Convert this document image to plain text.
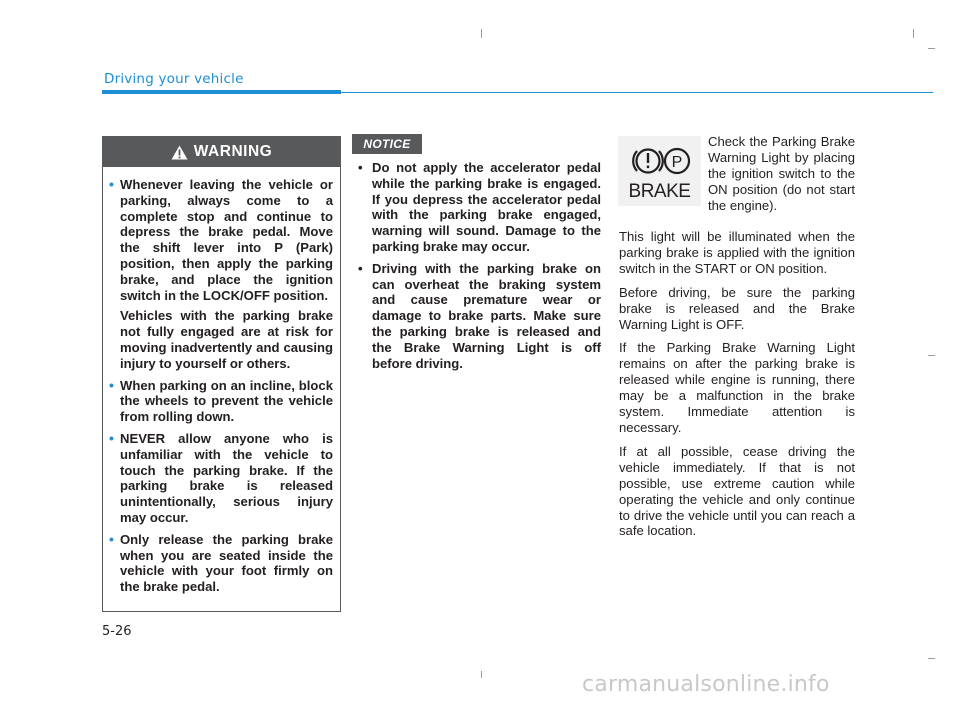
Driving your vehicle
WARNING
• Whenever leaving the vehicle or parking, always come to a complete stop and continue to depress the brake pedal. Move the shift lever into P (Park) position, then apply the parking brake, and place the ignition switch in the LOCK/OFF position.

Vehicles with the parking brake not fully engaged are at risk for moving inadvertently and causing injury to yourself or others.

• When parking on an incline, block the wheels to prevent the vehicle from rolling down.

• NEVER allow anyone who is unfamiliar with the vehicle to touch the parking brake. If the parking brake is released unintentionally, serious injury may occur.

• Only release the parking brake when you are seated inside the vehicle with your foot firmly on the brake pedal.

NOTICE
• Do not apply the accelerator pedal while the parking brake is engaged. If you depress the accelerator pedal with the parking brake engaged, warning will sound. Damage to the parking brake may occur.
• Driving with the parking brake on can overheat the braking system and cause premature wear or damage to brake parts. Make sure the parking brake is released and the Brake Warning Light is off before driving.
P
BRAKE
Check the Parking Brake Warning Light by placing the ignition switch to the ON position (do not start the engine).

This light will be illuminated when the parking brake is applied with the ignition switch in the START or ON position.

Before driving, be sure the parking brake is released and the Brake Warning Light is OFF.

If the Parking Brake Warning Light remains on after the parking brake is released while engine is running, there may be a malfunction in the brake system. Immediate attention is necessary.

If at all possible, cease driving the vehicle immediately. If that is not possible, use extreme caution while operating the vehicle and only continue to drive the vehicle until you can reach a safe location.

5-26
carmanualsonline.info
